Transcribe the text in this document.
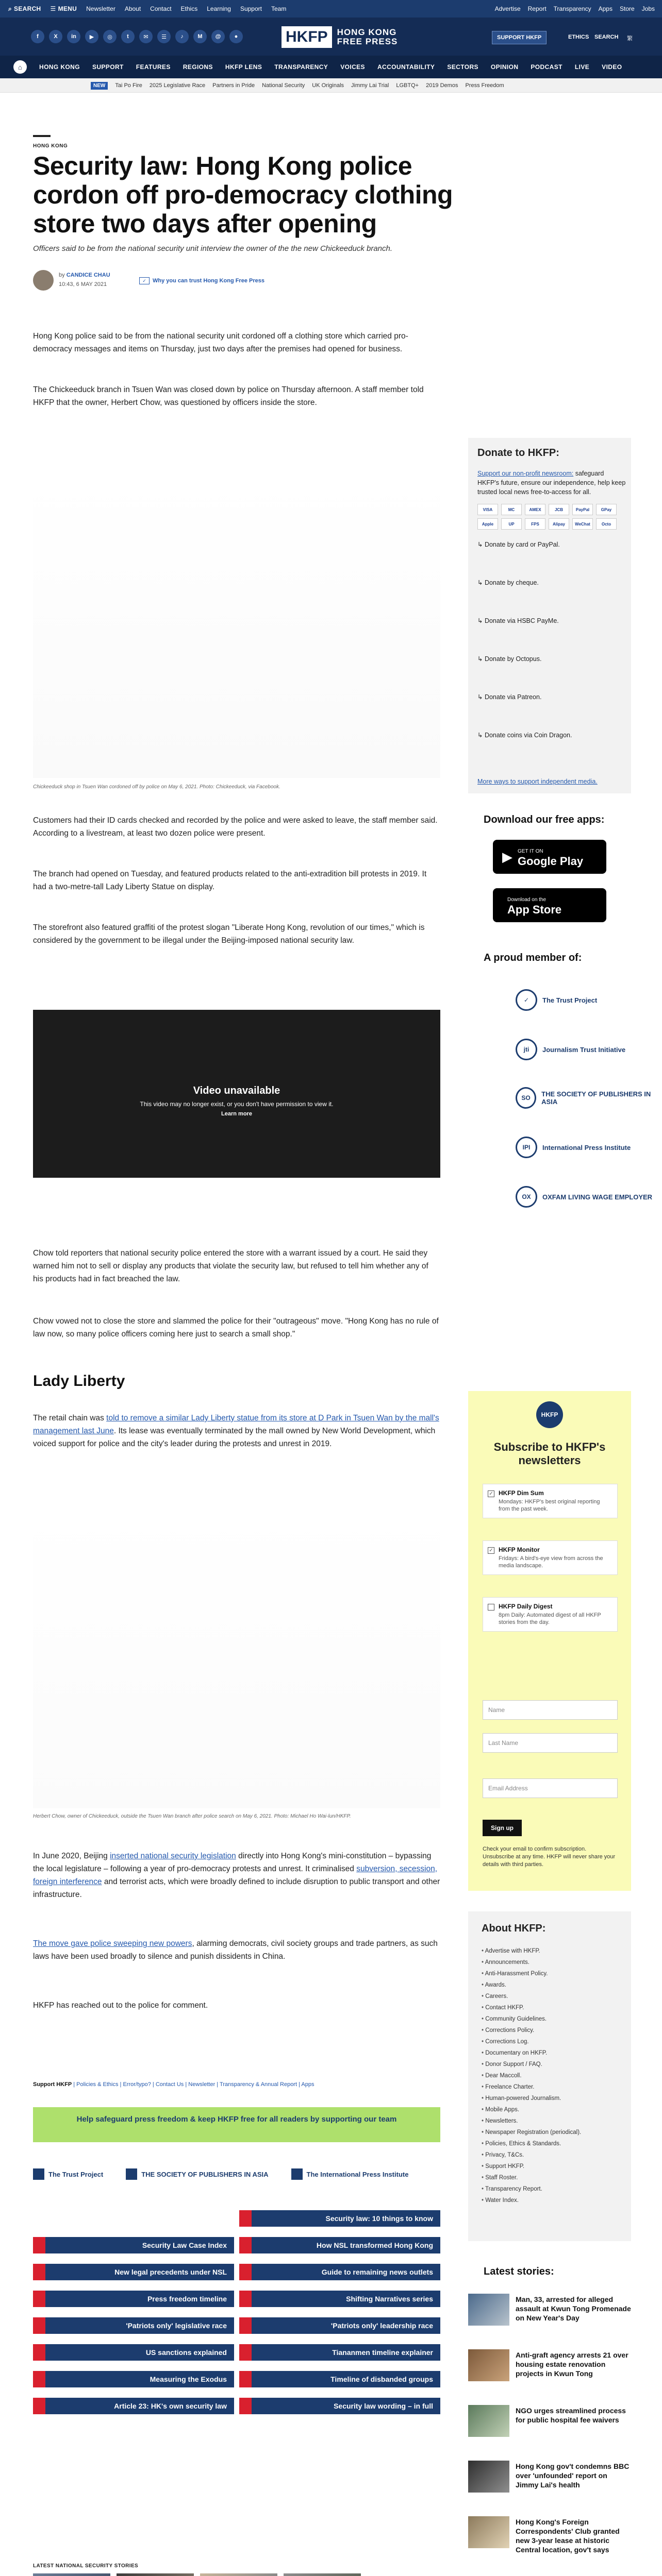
⌕ SEARCH ☰ MENU Newsletter About Contact Ethics Learning Support Team	Advertise Report Transparency Apps Store Jobs
f	X	in	▶	◎	t	✉	☰	♪	M	@	●	HKFP	HONG KONG
FREE PRESS	SUPPORT HKFP	ETHICS SEARCH 繁
⌂	HONG KONG SUPPORT FEATURES REGIONS HKFP LENS TRANSPARENCY VOICES ACCOUNTABILITY SECTORS OPINION PODCAST LIVE VIDEO
NEW	Tai Po Fire 2025 Legislative Race Partners in Pride National Security UK Originals Jimmy Lai Trial LGBTQ+ 2019 Demos Press Freedom
HONG KONG
Security law: Hong Kong police cordon off pro-democracy clothing store two days after opening
Officers said to be from the national security unit interview the owner of the the new Chickeeduck branch.
by CANDICE CHAU
10:43, 6 MAY 2021
✓	Why you can trust Hong Kong Free Press

Hong Kong police said to be from the national security unit cordoned off a clothing store which carried pro-democracy messages and items on Thursday, just two days after the premises had opened for business.

The Chickeeduck branch in Tsuen Wan was closed down by police on Thursday afternoon. A staff member told HKFP that the owner, Herbert Chow, was questioned by officers inside the store.

Chickeeduck shop in Tsuen Wan cordoned off by police on May 6, 2021. Photo: Chickeeduck, via Facebook.

Customers had their ID cards checked and recorded by the police and were asked to leave, the staff member said. According to a livestream, at least two dozen police were present.

The branch had opened on Tuesday, and featured products related to the anti-extradition bill protests in 2019. It had a two-metre-tall Lady Liberty Statue on display.

The storefront also featured graffiti of the protest slogan "Liberate Hong Kong, revolution of our times," which is considered by the government to be illegal under the Beijing-imposed national security law.

Video unavailable
This video may no longer exist, or you don't have permission to view it.
Learn more

Chow told reporters that national security police entered the store with a warrant issued by a court. He said they warned him not to sell or display any products that violate the security law, but refused to tell him whether any of his products had in fact breached the law.

Chow vowed not to close the store and slammed the police for their "outrageous" move. "Hong Kong has no rule of law now, so many police officers coming here just to search a small shop."

Lady Liberty

The retail chain was told to remove a similar Lady Liberty statue from its store at D Park in Tsuen Wan by the mall's management last June. Its lease was eventually terminated by the mall owned by New World Development, which voiced support for police and the city's leader during the protests and unrest in 2019.

Herbert Chow, owner of Chickeeduck, outside the Tsuen Wan branch after police search on May 6, 2021. Photo: Michael Ho Wai-lun/HKFP.

In June 2020, Beijing inserted national security legislation directly into Hong Kong's mini-constitution – bypassing the local legislature – following a year of pro-democracy protests and unrest. It criminalised subversion, secession, foreign interference and terrorist acts, which were broadly defined to include disruption to public transport and other infrastructure.

The move gave police sweeping new powers, alarming democrats, civil society groups and trade partners, as such laws have been used broadly to silence and punish dissidents in China.

HKFP has reached out to the police for comment.

Support HKFP | Policies & Ethics | Error/typo? | Contact Us | Newsletter | Transparency & Annual Report | Apps
Help safeguard press freedom & keep HKFP free for all readers by supporting our team
The Trust Project	THE SOCIETY OF PUBLISHERS IN ASIA	The International Press Institute
Security law: 10 things to know
Security Law Case Index	How NSL transformed Hong Kong
New legal precedents under NSL	Guide to remaining news outlets
Press freedom timeline	Shifting Narratives series
'Patriots only' legislative race	'Patriots only' leadership race
US sanctions explained	Tiananmen timeline explainer
Measuring the Exodus	Timeline of disbanded groups
Article 23: HK's own security law	Security law wording – in full
LATEST NATIONAL SECURITY STORIES
Donate to HKFP:
Support our non-profit newsroom: safeguard HKFP's future, ensure our independence, help keep trusted local news free-to-access for all.
VISA	MC	AMEX	JCB	PayPal	GPay
Apple	UP	FPS	Alipay	WeChat	Octo
↳ Donate by card or PayPal.
↳ Donate by cheque.
↳ Donate via HSBC PayMe.
↳ Donate by Octopus.
↳ Donate via Patreon.
↳ Donate coins via Coin Dragon.
More ways to support independent media.
Download our free apps:
▶ GET IT ON
Google Play
Download on the
App Store
A proud member of:
✓	The Trust Project
jti	Journalism Trust Initiative
SO	THE SOCIETY OF PUBLISHERS IN ASIA
IPI	International Press Institute
OX	OXFAM LIVING WAGE EMPLOYER
HKFP
Subscribe to HKFP's newsletters
✓ HKFP Dim Sum
Mondays: HKFP's best original reporting from the past week.
✓ HKFP Monitor
Fridays: A bird's-eye view from across the media landscape.
HKFP Daily Digest
8pm Daily: Automated digest of all HKFP stories from the day.
Name
Last Name
Email Address
Sign up
Check your email to confirm subscription. Unsubscribe at any time. HKFP will never share your details with third parties.
About HKFP:
• Advertise with HKFP.
• Announcements.
• Anti-Harassment Policy.
• Awards.
• Careers.
• Contact HKFP.
• Community Guidelines.
• Corrections Policy.
• Corrections Log.
• Documentary on HKFP.
• Donor Support / FAQ.
• Dear Maccoll.
• Freelance Charter.
• Human-powered Journalism.
• Mobile Apps.
• Newsletters.
• Newspaper Registration (periodical).
• Policies, Ethics & Standards.
• Privacy, T&Cs.
• Support HKFP.
• Staff Roster.
• Transparency Report.
• Water Index.
Latest stories:
Man, 33, arrested for alleged assault at Kwun Tong Promenade on New Year's Day
Anti-graft agency arrests 21 over housing estate renovation projects in Kwun Tong
NGO urges streamlined process for public hospital fee waivers
Hong Kong gov't condemns BBC over 'unfounded' report on Jimmy Lai's health
Hong Kong's Foreign Correspondents' Club granted new 3-year lease at historic Central location, gov't says
